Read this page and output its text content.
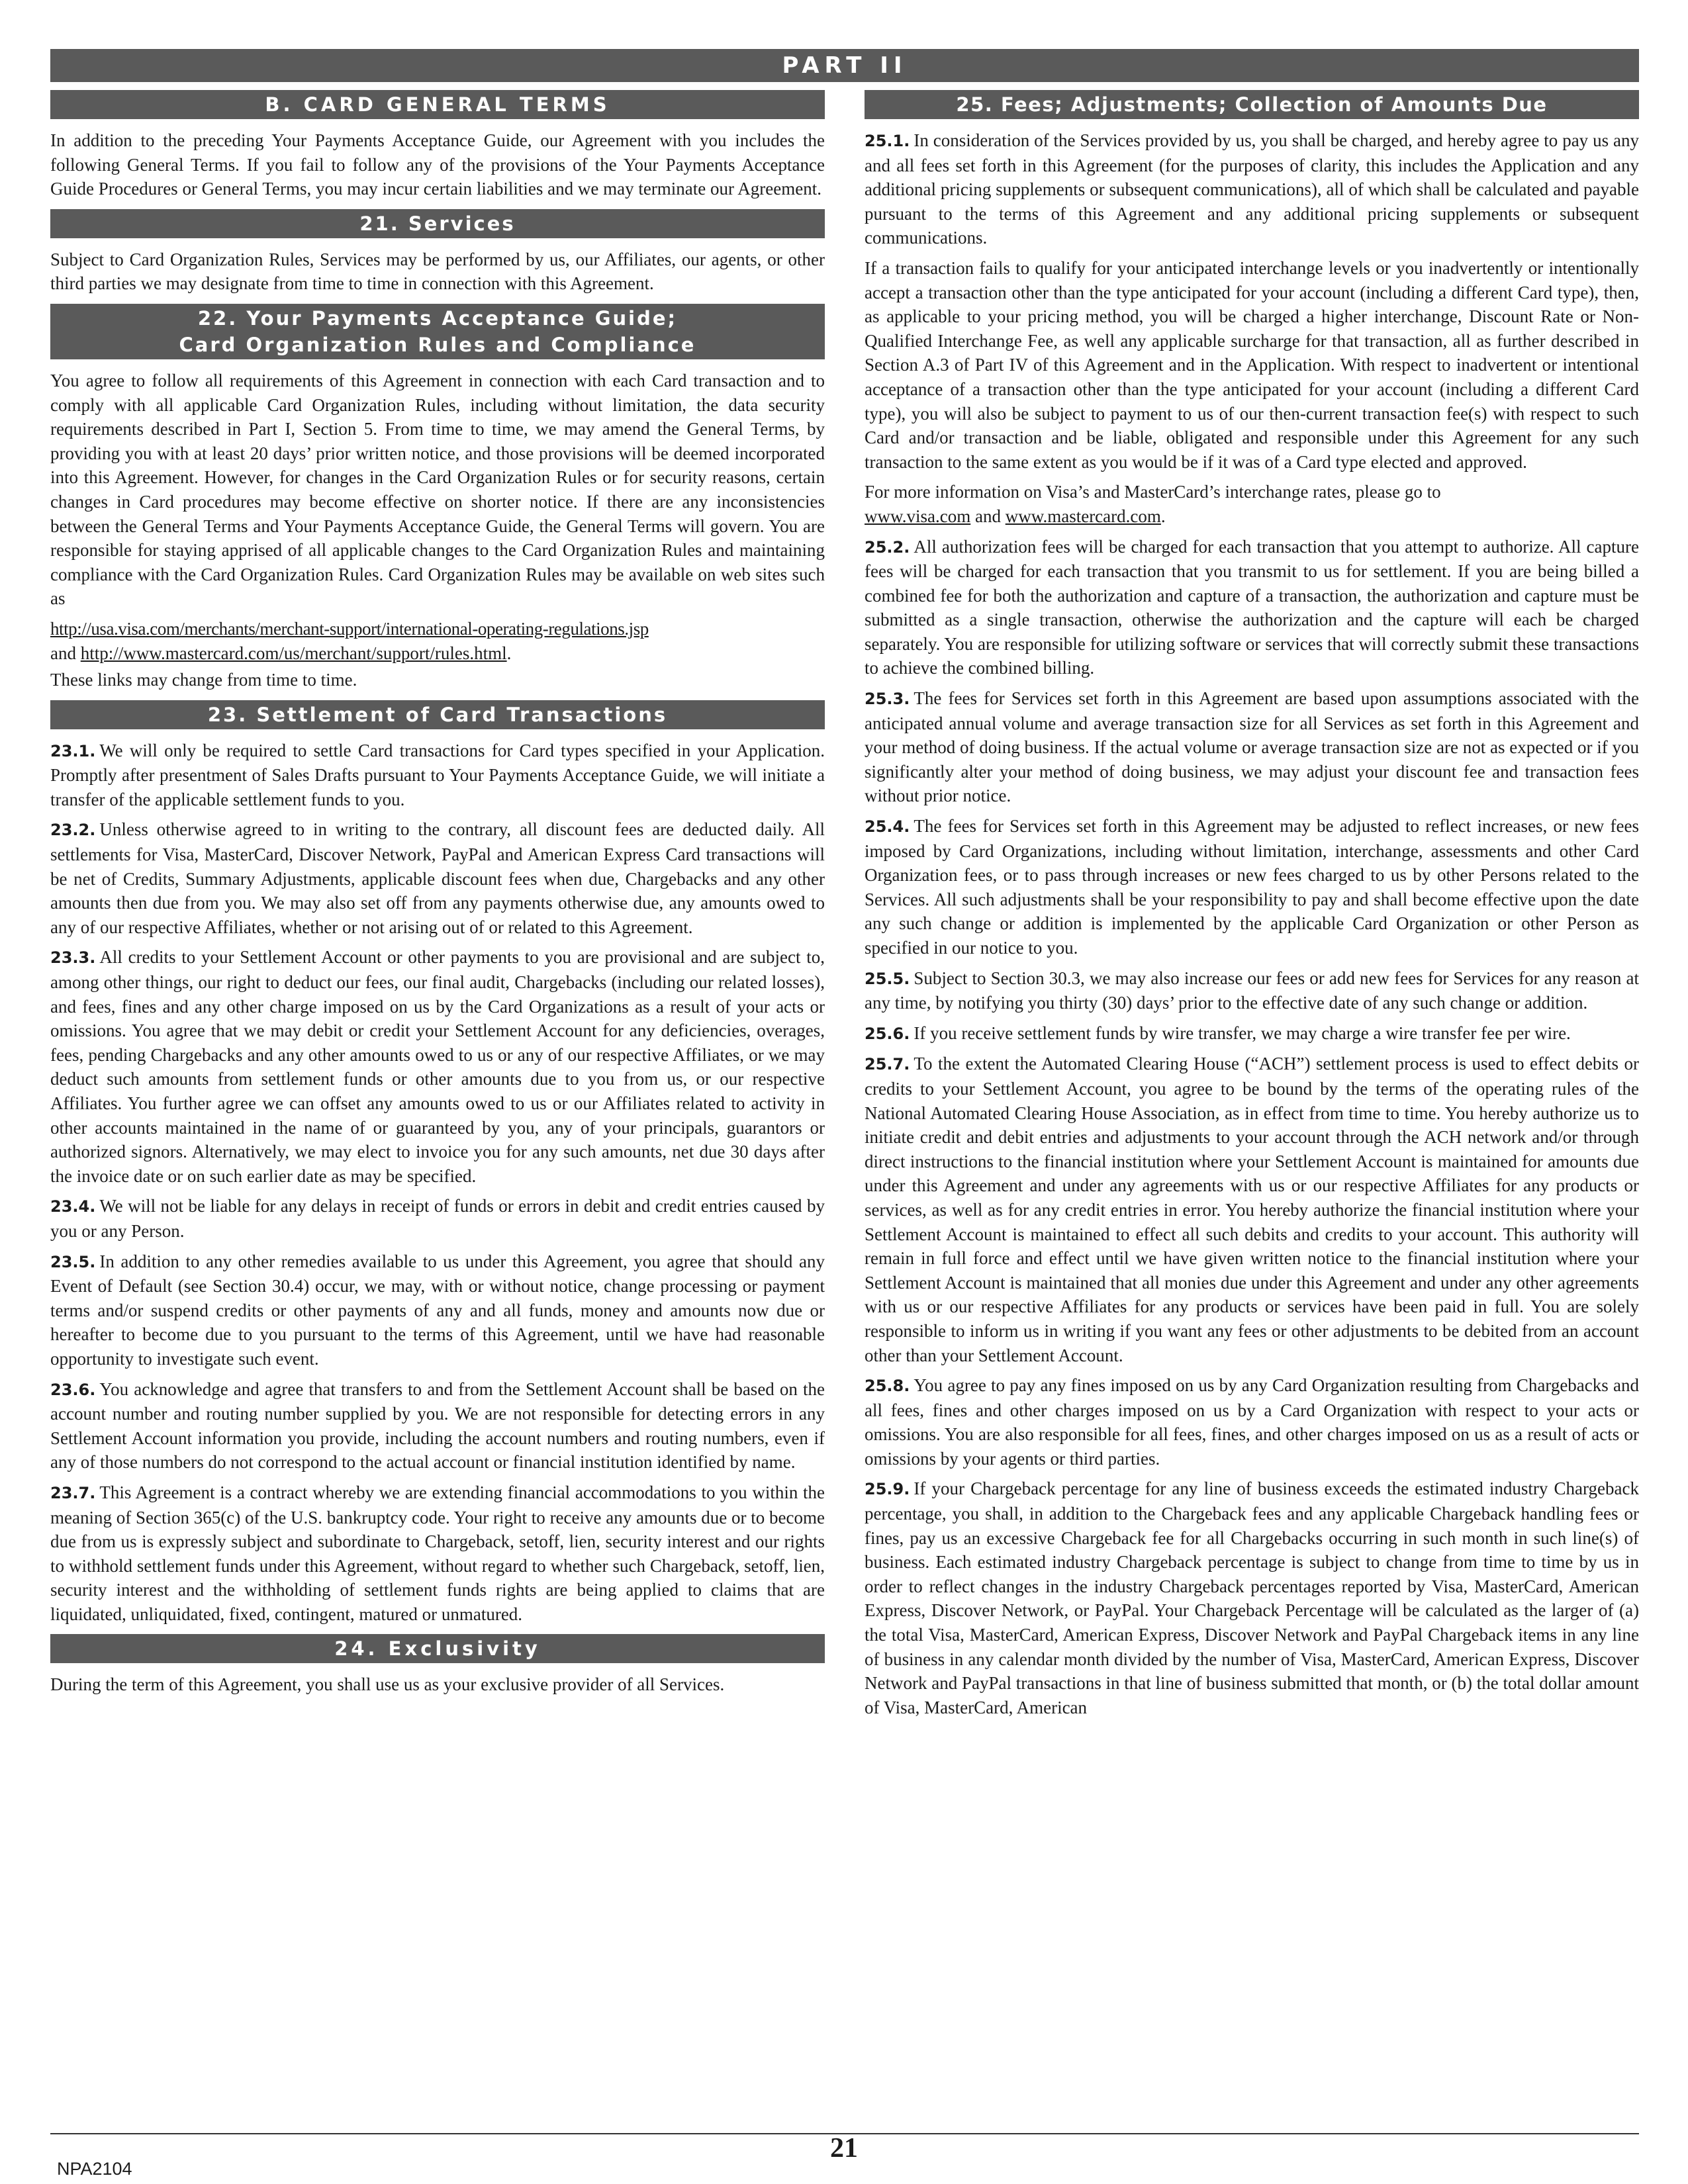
PART II
B. CARD GENERAL TERMS

In addition to the preceding Your Payments Acceptance Guide, our Agreement with you includes the following General Terms. If you fail to follow any of the provisions of the Your Payments Acceptance Guide Procedures or General Terms, you may incur certain liabilities and we may terminate our Agreement.

21. Services

Subject to Card Organization Rules, Services may be performed by us, our Affiliates, our agents, or other third parties we may designate from time to time in connection with this Agreement.

22. Your Payments Acceptance Guide;
Card Organization Rules and Compliance

You agree to follow all requirements of this Agreement in connection with each Card transaction and to comply with all applicable Card Organization Rules, including without limitation, the data security requirements described in Part I, Section 5. From time to time, we may amend the General Terms, by providing you with at least 20 days’ prior written notice, and those provisions will be deemed incorporated into this Agreement. However, for changes in the Card Organization Rules or for security reasons, certain changes in Card procedures may become effective on shorter notice. If there are any inconsistencies between the General Terms and Your Payments Acceptance Guide, the General Terms will govern. You are responsible for staying apprised of all applicable changes to the Card Organization Rules and maintaining compliance with the Card Organization Rules. Card Organization Rules may be available on web sites such as

http://usa.visa.com/merchants/merchant-support/international-operating-regulations.jsp
and http://www.mastercard.com/us/merchant/support/rules.html.

These links may change from time to time.

23. Settlement of Card Transactions

23.1. We will only be required to settle Card transactions for Card types specified in your Application. Promptly after presentment of Sales Drafts pursuant to Your Payments Acceptance Guide, we will initiate a transfer of the applicable settlement funds to you.

23.2. Unless otherwise agreed to in writing to the contrary, all discount fees are deducted daily. All settlements for Visa, MasterCard, Discover Network, PayPal and American Express Card transactions will be net of Credits, Summary Adjustments, applicable discount fees when due, Chargebacks and any other amounts then due from you. We may also set off from any payments otherwise due, any amounts owed to any of our respective Affiliates, whether or not arising out of or related to this Agreement.

23.3. All credits to your Settlement Account or other payments to you are provisional and are subject to, among other things, our right to deduct our fees, our final audit, Chargebacks (including our related losses), and fees, fines and any other charge imposed on us by the Card Organizations as a result of your acts or omissions. You agree that we may debit or credit your Settlement Account for any deficiencies, overages, fees, pending Chargebacks and any other amounts owed to us or any of our respective Affiliates, or we may deduct such amounts from settlement funds or other amounts due to you from us, or our respective Affiliates. You further agree we can offset any amounts owed to us or our Affiliates related to activity in other accounts maintained in the name of or guaranteed by you, any of your principals, guarantors or authorized signors. Alternatively, we may elect to invoice you for any such amounts, net due 30 days after the invoice date or on such earlier date as may be specified.

23.4. We will not be liable for any delays in receipt of funds or errors in debit and credit entries caused by you or any Person.

23.5. In addition to any other remedies available to us under this Agreement, you agree that should any Event of Default (see Section 30.4) occur, we may, with or without notice, change processing or payment terms and/or suspend credits or other payments of any and all funds, money and amounts now due or hereafter to become due to you pursuant to the terms of this Agreement, until we have had reasonable opportunity to investigate such event.

23.6. You acknowledge and agree that transfers to and from the Settlement Account shall be based on the account number and routing number supplied by you. We are not responsible for detecting errors in any Settlement Account information you provide, including the account numbers and routing numbers, even if any of those numbers do not correspond to the actual account or financial institution identified by name.

23.7. This Agreement is a contract whereby we are extending financial accommodations to you within the meaning of Section 365(c) of the U.S. bankruptcy code. Your right to receive any amounts due or to become due from us is expressly subject and subordinate to Chargeback, setoff, lien, security interest and our rights to withhold settlement funds under this Agreement, without regard to whether such Chargeback, setoff, lien, security interest and the withholding of settlement funds rights are being applied to claims that are liquidated, unliquidated, fixed, contingent, matured or unmatured.

24. Exclusivity

During the term of this Agreement, you shall use us as your exclusive provider of all Services.

25. Fees; Adjustments; Collection of Amounts Due

25.1. In consideration of the Services provided by us, you shall be charged, and hereby agree to pay us any and all fees set forth in this Agreement (for the purposes of clarity, this includes the Application and any additional pricing supplements or subsequent communications), all of which shall be calculated and payable pursuant to the terms of this Agreement and any additional pricing supplements or subsequent communications.

If a transaction fails to qualify for your anticipated interchange levels or you inadvertently or intentionally accept a transaction other than the type anticipated for your account (including a different Card type), then, as applicable to your pricing method, you will be charged a higher interchange, Discount Rate or Non-Qualified Interchange Fee, as well any applicable surcharge for that transaction, all as further described in Section A.3 of Part IV of this Agreement and in the Application. With respect to inadvertent or intentional acceptance of a transaction other than the type anticipated for your account (including a different Card type), you will also be subject to payment to us of our then-current transaction fee(s) with respect to such Card and/or transaction and be liable, obligated and responsible under this Agreement for any such transaction to the same extent as you would be if it was of a Card type elected and approved.

For more information on Visa’s and MasterCard’s interchange rates, please go to
www.visa.com and www.mastercard.com.

25.2. All authorization fees will be charged for each transaction that you attempt to authorize. All capture fees will be charged for each transaction that you transmit to us for settlement. If you are being billed a combined fee for both the authorization and capture of a transaction, the authorization and capture must be submitted as a single transaction, otherwise the authorization and the capture will each be charged separately. You are responsible for utilizing software or services that will correctly submit these transactions to achieve the combined billing.

25.3. The fees for Services set forth in this Agreement are based upon assumptions associated with the anticipated annual volume and average transaction size for all Services as set forth in this Agreement and your method of doing business. If the actual volume or average transaction size are not as expected or if you significantly alter your method of doing business, we may adjust your discount fee and transaction fees without prior notice.

25.4. The fees for Services set forth in this Agreement may be adjusted to reflect increases, or new fees imposed by Card Organizations, including without limitation, interchange, assessments and other Card Organization fees, or to pass through increases or new fees charged to us by other Persons related to the Services. All such adjustments shall be your responsibility to pay and shall become effective upon the date any such change or addition is implemented by the applicable Card Organization or other Person as specified in our notice to you.

25.5. Subject to Section 30.3, we may also increase our fees or add new fees for Services for any reason at any time, by notifying you thirty (30) days’ prior to the effective date of any such change or addition.

25.6. If you receive settlement funds by wire transfer, we may charge a wire transfer fee per wire.

25.7. To the extent the Automated Clearing House (“ACH”) settlement process is used to effect debits or credits to your Settlement Account, you agree to be bound by the terms of the operating rules of the National Automated Clearing House Association, as in effect from time to time. You hereby authorize us to initiate credit and debit entries and adjustments to your account through the ACH network and/or through direct instructions to the financial institution where your Settlement Account is maintained for amounts due under this Agreement and under any agreements with us or our respective Affiliates for any products or services, as well as for any credit entries in error. You hereby authorize the financial institution where your Settlement Account is maintained to effect all such debits and credits to your account. This authority will remain in full force and effect until we have given written notice to the financial institution where your Settlement Account is maintained that all monies due under this Agreement and under any other agreements with us or our respective Affiliates for any products or services have been paid in full. You are solely responsible to inform us in writing if you want any fees or other adjustments to be debited from an account other than your Settlement Account.

25.8. You agree to pay any fines imposed on us by any Card Organization resulting from Chargebacks and all fees, fines and other charges imposed on us by a Card Organization with respect to your acts or omissions. You are also responsible for all fees, fines, and other charges imposed on us as a result of acts or omissions by your agents or third parties.

25.9. If your Chargeback percentage for any line of business exceeds the estimated industry Chargeback percentage, you shall, in addition to the Chargeback fees and any applicable Chargeback handling fees or fines, pay us an excessive Chargeback fee for all Chargebacks occurring in such month in such line(s) of business. Each estimated industry Chargeback percentage is subject to change from time to time by us in order to reflect changes in the industry Chargeback percentages reported by Visa, MasterCard, American Express, Discover Network, or PayPal. Your Chargeback Percentage will be calculated as the larger of (a) the total Visa, MasterCard, American Express, Discover Network and PayPal Chargeback items in any line of business in any calendar month divided by the number of Visa, MasterCard, American Express, Discover Network and PayPal transactions in that line of business submitted that month, or (b) the total dollar amount of Visa, MasterCard, American

NPA2104
21
